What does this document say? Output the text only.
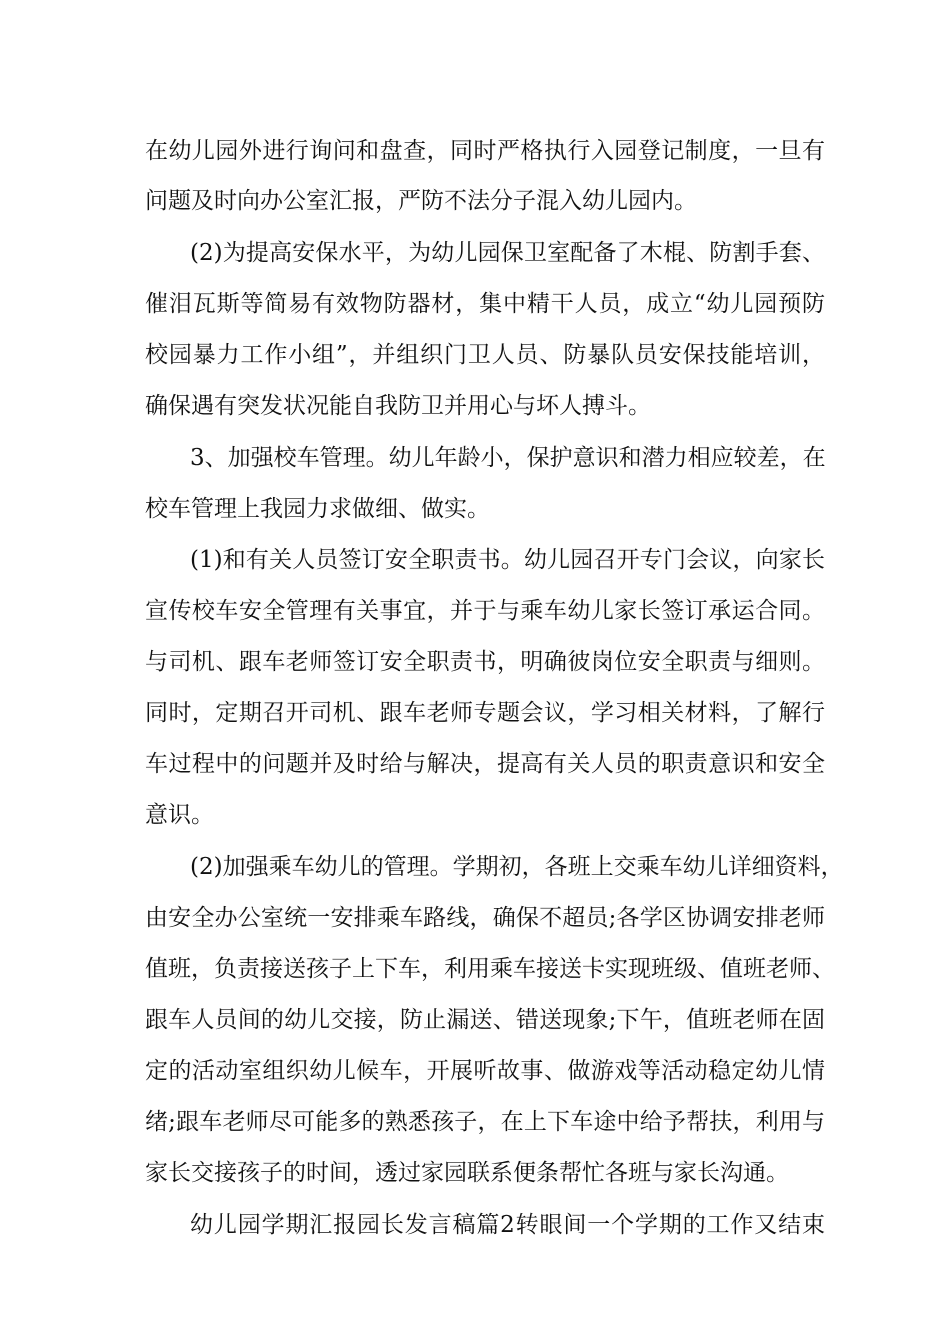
在幼儿园外进行询问和盘查，同时严格执行入园登记制度，一旦有
问题及时向办公室汇报，严防不法分子混入幼儿园内。
(2)为提高安保水平，为幼儿园保卫室配备了木棍、防割手套、
催泪瓦斯等简易有效物防器材，集中精干人员，成立“幼儿园预防
校园暴力工作小组”，并组织门卫人员、防暴队员安保技能培训，
确保遇有突发状况能自我防卫并用心与坏人搏斗。
3、加强校车管理。幼儿年龄小，保护意识和潜力相应较差，在
校车管理上我园力求做细、做实。
(1)和有关人员签订安全职责书。幼儿园召开专门会议，向家长
宣传校车安全管理有关事宜，并于与乘车幼儿家长签订承运合同。
与司机、跟车老师签订安全职责书，明确彼岗位安全职责与细则。
同时，定期召开司机、跟车老师专题会议，学习相关材料，了解行
车过程中的问题并及时给与解决，提高有关人员的职责意识和安全
意识。
(2)加强乘车幼儿的管理。学期初，各班上交乘车幼儿详细资料，
由安全办公室统一安排乘车路线，确保不超员;各学区协调安排老师
值班，负责接送孩子上下车，利用乘车接送卡实现班级、值班老师、
跟车人员间的幼儿交接，防止漏送、错送现象;下午，值班老师在固
定的活动室组织幼儿候车，开展听故事、做游戏等活动稳定幼儿情
绪;跟车老师尽可能多的熟悉孩子，在上下车途中给予帮扶，利用与
家长交接孩子的时间，透过家园联系便条帮忙各班与家长沟通。
幼儿园学期汇报园长发言稿篇2转眼间一个学期的工作又结束
